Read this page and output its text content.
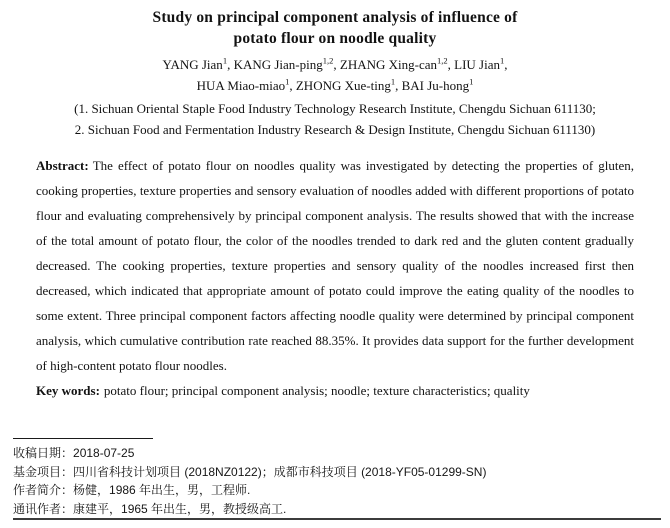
Study on principal component analysis of influence of
potato flour on noodle quality
YANG Jian$^1$, KANG Jian-ping$^{1,2}$, ZHANG Xing-can$^{1,2}$, LIU Jian$^1$,
HUA Miao-miao$^1$, ZHONG Xue-ting$^1$, BAI Ju-hong$^1$
(1. Sichuan Oriental Staple Food Industry Technology Research Institute, Chengdu Sichuan 611130;
2. Sichuan Food and Fermentation Industry Research & Design Institute, Chengdu Sichuan 611130)
Abstract: The effect of potato flour on noodles quality was investigated by detecting the properties of gluten, cooking properties, texture properties and sensory evaluation of noodles added with different proportions of potato flour and evaluating comprehensively by principal component analysis. The results showed that with the increase of the total amount of potato flour, the color of the noodles trended to dark red and the gluten content gradually decreased. The cooking properties, texture properties and sensory quality of the noodles increased first then decreased, which indicated that appropriate amount of potato could improve the eating quality of the noodles to some extent. Three principal component factors affecting noodle quality were determined by principal component analysis, which cumulative contribution rate reached 88.35%. It provides data support for the further development of high-content potato flour noodles.
Key words: potato flour; principal component analysis; noodle; texture characteristics; quality
收稿日期：2018-07-25
基金项目：四川省科技计划项目 (2018NZ0122)；成都市科技项目 (2018-YF05-01299-SN)
作者简介：杨健，1986 年出生，男，工程师.
通讯作者：康建平，1965 年出生，男，教授级高工.
